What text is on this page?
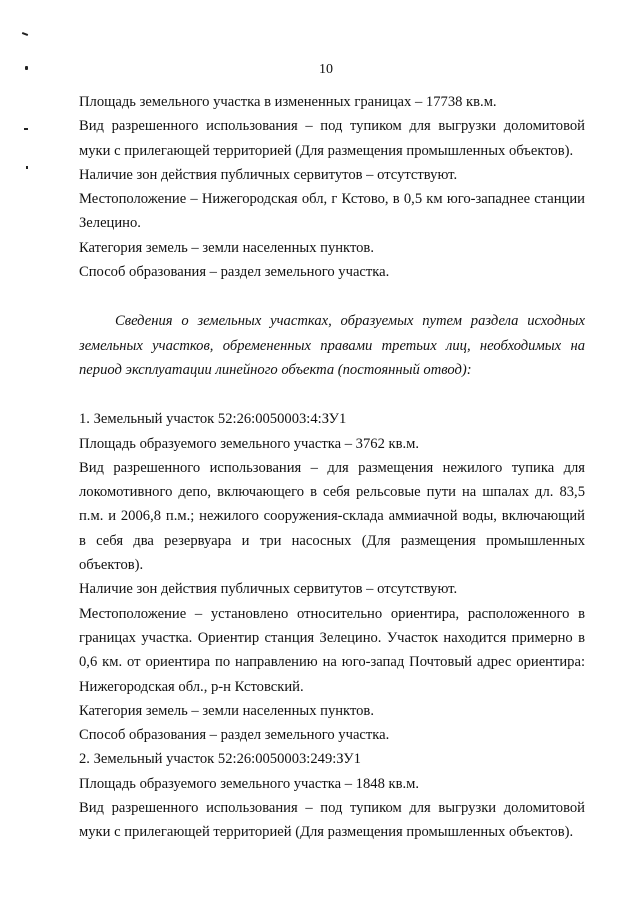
10

Площадь земельного участка в измененных границах – 17738 кв.м.

Вид разрешенного использования – под тупиком для выгрузки доломитовой муки с прилегающей территорией (Для размещения промышленных объектов).

Наличие зон действия публичных сервитутов – отсутствуют.

Местоположение – Нижегородская обл, г Кстово, в 0,5 км юго-западнее станции Зелецино.

Категория земель – земли населенных пунктов.

Способ образования – раздел земельного участка.

Сведения о земельных участках, образуемых путем раздела исходных земельных участков, обремененных правами третьих лиц, необходимых на период эксплуатации линейного объекта (постоянный отвод):

1. Земельный участок 52:26:0050003:4:ЗУ1

Площадь образуемого земельного участка – 3762 кв.м.

Вид разрешенного использования – для размещения нежилого тупика для локомотивного депо, включающего в себя рельсовые пути на шпалах дл. 83,5 п.м. и 2006,8 п.м.; нежилого сооружения-склада аммиачной воды, включающий в себя два резервуара и три насосных (Для размещения промышленных объектов).

Наличие зон действия публичных сервитутов – отсутствуют.

Местоположение – установлено относительно ориентира, расположенного в границах участка. Ориентир станция Зелецино. Участок находится примерно в 0,6 км. от ориентира по направлению на юго-запад Почтовый адрес ориентира: Нижегородская обл., р-н Кстовский.

Категория земель – земли населенных пунктов.

Способ образования – раздел земельного участка.

2. Земельный участок 52:26:0050003:249:ЗУ1

Площадь образуемого земельного участка – 1848 кв.м.

Вид разрешенного использования – под тупиком для выгрузки доломитовой муки с прилегающей территорией (Для размещения промышленных объектов).
